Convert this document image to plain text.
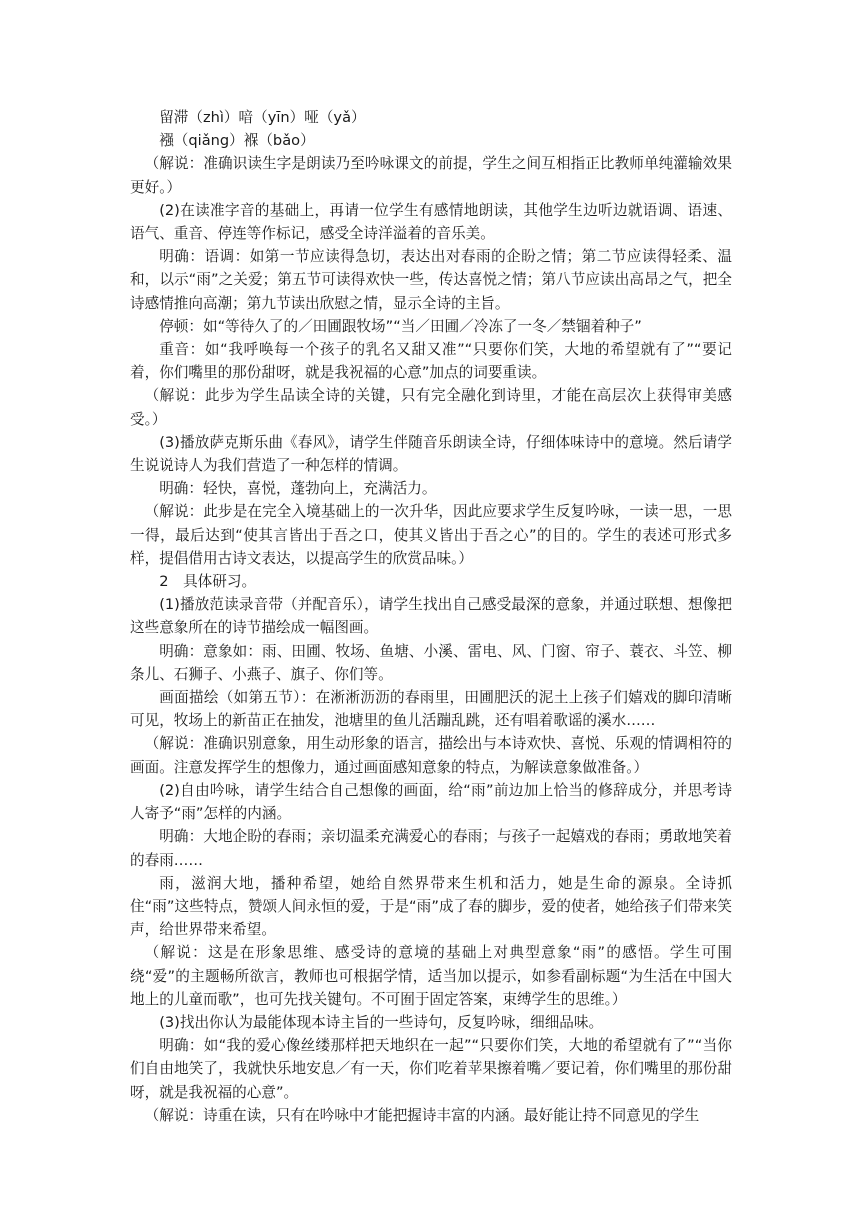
留滞（zhì）喑（yīn）哑（yǎ）

襁（qiǎng）褓（bǎo）

（解说：准确识读生字是朗读乃至吟咏课文的前提，学生之间互相指正比教师单纯灌输效果更好。）

(2)在读准字音的基础上，再请一位学生有感情地朗读，其他学生边听边就语调、语速、语气、重音、停连等作标记，感受全诗洋溢着的音乐美。

明确：语调：如第一节应读得急切，表达出对春雨的企盼之情；第二节应读得轻柔、温和，以示“雨”之关爱；第五节可读得欢快一些，传达喜悦之情；第八节应读出高昂之气，把全诗感情推向高潮；第九节读出欣慰之情，显示全诗的主旨。

停顿：如“等待久了的／田圃跟牧场”“当／田圃／冷冻了一冬／禁锢着种子”

重音：如“我呼唤每一个孩子的乳名又甜又准”“只要你们笑，大地的希望就有了”“要记着，你们嘴里的那份甜呀，就是我祝福的心意”加点的词要重读。

（解说：此步为学生品读全诗的关键，只有完全融化到诗里，才能在高层次上获得审美感受。）

(3)播放萨克斯乐曲《春风》，请学生伴随音乐朗读全诗，仔细体味诗中的意境。然后请学生说说诗人为我们营造了一种怎样的情调。

明确：轻快，喜悦，蓬勃向上，充满活力。

（解说：此步是在完全入境基础上的一次升华，因此应要求学生反复吟咏，一读一思，一思一得，最后达到“使其言皆出于吾之口，使其义皆出于吾之心”的目的。学生的表述可形式多样，提倡借用古诗文表达，以提高学生的欣赏品味。）

2　具体研习。

(1)播放范读录音带（并配音乐），请学生找出自己感受最深的意象，并通过联想、想像把这些意象所在的诗节描绘成一幅图画。

明确：意象如：雨、田圃、牧场、鱼塘、小溪、雷电、风、门窗、帘子、蓑衣、斗笠、柳条儿、石狮子、小燕子、旗子、你们等。

画面描绘（如第五节）：在淅淅沥沥的春雨里，田圃肥沃的泥土上孩子们嬉戏的脚印清晰可见，牧场上的新苗正在抽发，池塘里的鱼儿活蹦乱跳，还有唱着歌谣的溪水……

（解说：准确识别意象，用生动形象的语言，描绘出与本诗欢快、喜悦、乐观的情调相符的画面。注意发挥学生的想像力，通过画面感知意象的特点，为解读意象做准备。）

(2)自由吟咏，请学生结合自己想像的画面，给“雨”前边加上恰当的修辞成分，并思考诗人寄予“雨”怎样的内涵。

明确：大地企盼的春雨；亲切温柔充满爱心的春雨；与孩子一起嬉戏的春雨；勇敢地笑着的春雨……

雨，滋润大地，播种希望，她给自然界带来生机和活力，她是生命的源泉。全诗抓住“雨”这些特点，赞颂人间永恒的爱，于是“雨”成了春的脚步，爱的使者，她给孩子们带来笑声，给世界带来希望。

（解说：这是在形象思维、感受诗的意境的基础上对典型意象“雨”的感悟。学生可围绕“爱”的主题畅所欲言，教师也可根据学情，适当加以提示，如参看副标题“为生活在中国大地上的儿童而歌”，也可先找关键句。不可囿于固定答案，束缚学生的思维。）

(3)找出你认为最能体现本诗主旨的一些诗句，反复吟咏，细细品味。

明确：如“我的爱心像丝缕那样把天地织在一起”“只要你们笑，大地的希望就有了”“当你们自由地笑了，我就快乐地安息／有一天，你们吃着苹果擦着嘴／要记着，你们嘴里的那份甜呀，就是我祝福的心意”。

（解说：诗重在读，只有在吟咏中才能把握诗丰富的内涵。最好能让持不同意见的学生
